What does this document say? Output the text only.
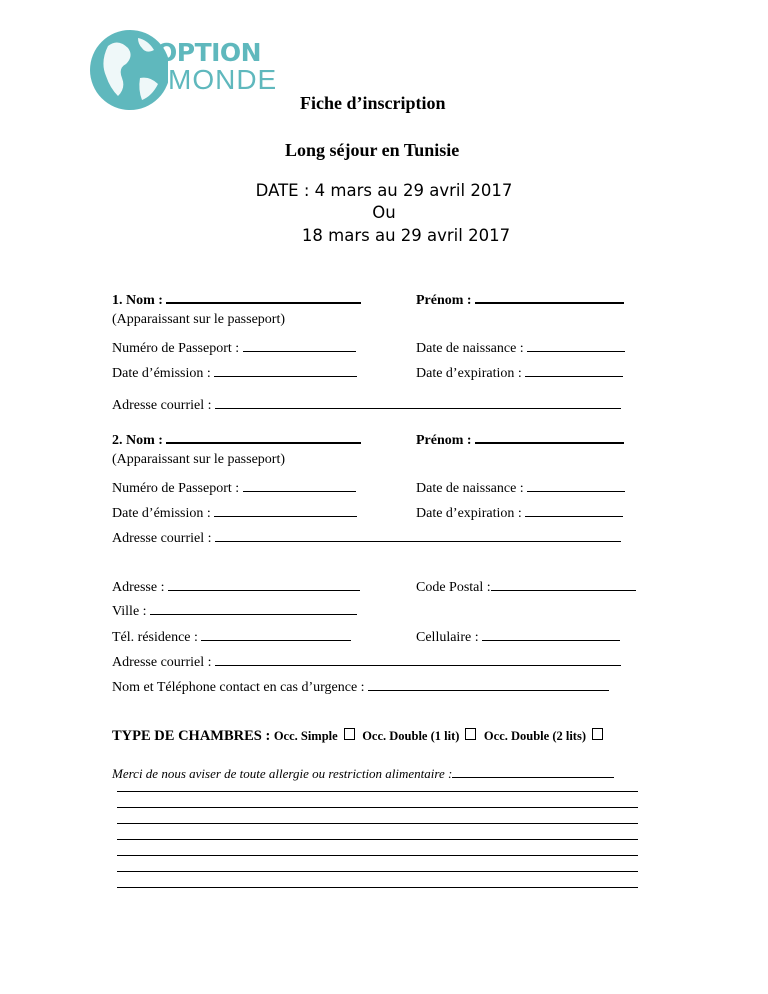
OPTION
MONDE
Fiche d’inscription
Long séjour en Tunisie
DATE : 4 mars au 29 avril 2017
Ou
18 mars au 29 avril 2017
1. Nom :	Prénom :
(Apparaissant sur le passeport)
Numéro de Passeport :	Date de naissance :
Date d’émission :	Date d’expiration :
Adresse courriel :
2. Nom :	Prénom :
(Apparaissant sur le passeport)
Numéro de Passeport :	Date de naissance :
Date d’émission :	Date d’expiration :
Adresse courriel :
Adresse :	Code Postal :
Ville :
Tél. résidence :	Cellulaire :
Adresse courriel :
Nom et Téléphone contact en cas d’urgence :
TYPE DE CHAMBRES : Occ. Simple Occ. Double (1 lit) Occ. Double (2 lits)
Merci de nous aviser de toute allergie ou restriction alimentaire :
